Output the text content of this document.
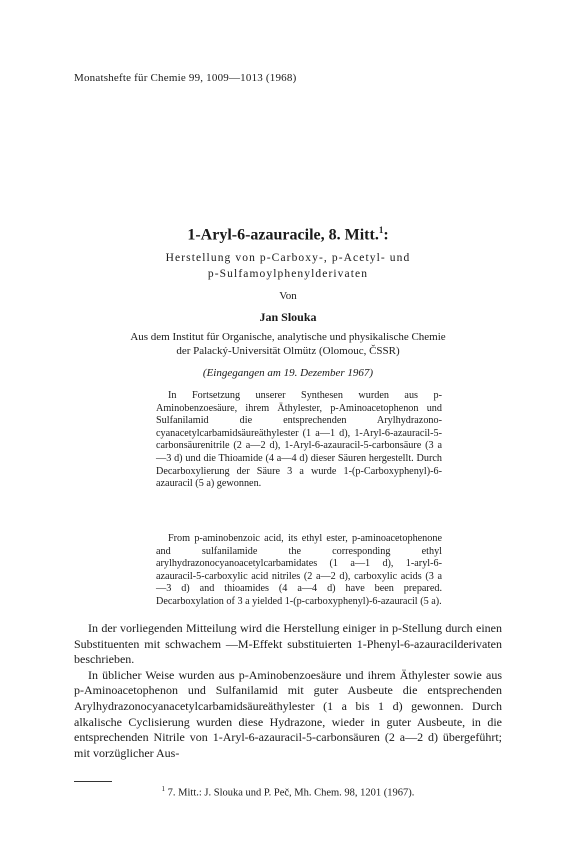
Monatshefte für Chemie 99, 1009—1013 (1968)
1-Aryl-6-azauracile, 8. Mitt.$^1$:
Herstellung von p-Carboxy-, p-Acetyl- und
p-Sulfamoylphenylderivaten
Von
Jan Slouka
Aus dem Institut für Organische, analytische und physikalische Chemie
der Palacký-Universität Olmütz (Olomouc, ČSSR)
(Eingegangen am 19. Dezember 1967)

In Fortsetzung unserer Synthesen wurden aus p-Aminobenzoesäure, ihrem Äthylester, p-Aminoacetophenon und Sulfanilamid die entsprechenden Arylhydrazono-cyanacetylcarbamidsäureäthylester (1 a—1 d), 1-Aryl-6-azauracil-5-carbonsäurenitrile (2 a—2 d), 1-Aryl-6-azauracil-5-carbonsäure (3 a—3 d) und die Thioamide (4 a—4 d) dieser Säuren hergestellt. Durch Decarboxylierung der Säure 3 a wurde 1-(p-Carboxyphenyl)-6-azauracil (5 a) gewonnen.

From p-aminobenzoic acid, its ethyl ester, p-aminoacetophenone and sulfanilamide the corresponding ethyl arylhydrazonocyanoacetylcarbamidates (1 a—1 d), 1-aryl-6-azauracil-5-carboxylic acid nitriles (2 a—2 d), carboxylic acids (3 a—3 d) and thioamides (4 a—4 d) have been prepared. Decarboxylation of 3 a yielded 1-(p-carboxyphenyl)-6-azauracil (5 a).

In der vorliegenden Mitteilung wird die Herstellung einiger in p-Stellung durch einen Substituenten mit schwachem —M-Effekt substituierten 1-Phenyl-6-azauracilderivaten beschrieben.

In üblicher Weise wurden aus p-Aminobenzoesäure und ihrem Äthylester sowie aus p-Aminoacetophenon und Sulfanilamid mit guter Ausbeute die entsprechenden Arylhydrazonocyanacetylcarbamidsäureäthylester (1 a bis 1 d) gewonnen. Durch alkalische Cyclisierung wurden diese Hydrazone, wieder in guter Ausbeute, in die entsprechenden Nitrile von 1-Aryl-6-azauracil-5-carbonsäuren (2 a—2 d) übergeführt; mit vorzüglicher Aus-

$^1$ 7. Mitt.: J. Slouka und P. Peč, Mh. Chem. 98, 1201 (1967).
